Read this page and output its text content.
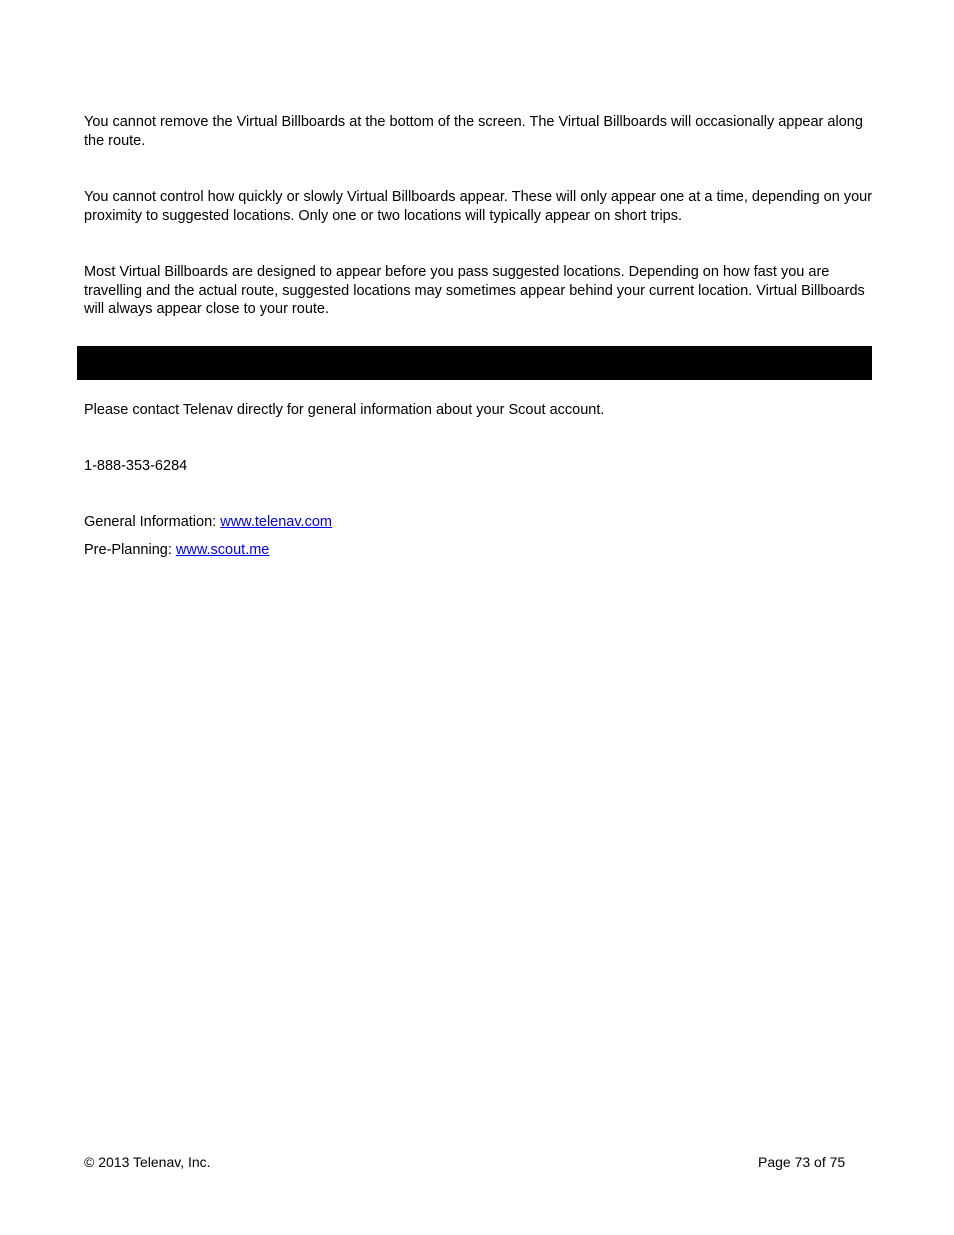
You cannot remove the Virtual Billboards at the bottom of the screen. The Virtual Billboards will occasionally appear along the route.

You cannot control how quickly or slowly Virtual Billboards appear. These will only appear one at a time, depending on your proximity to suggested locations. Only one or two locations will typically appear on short trips.

Most Virtual Billboards are designed to appear before you pass suggested locations. Depending on how fast you are travelling and the actual route, suggested locations may sometimes appear behind your current location. Virtual Billboards will always appear close to your route.

Please contact Telenav directly for general information about your Scout account.

1-888-353-6284

General Information: www.telenav.com

Pre-Planning: www.scout.me

© 2013 Telenav, Inc.	Page 73 of 75
